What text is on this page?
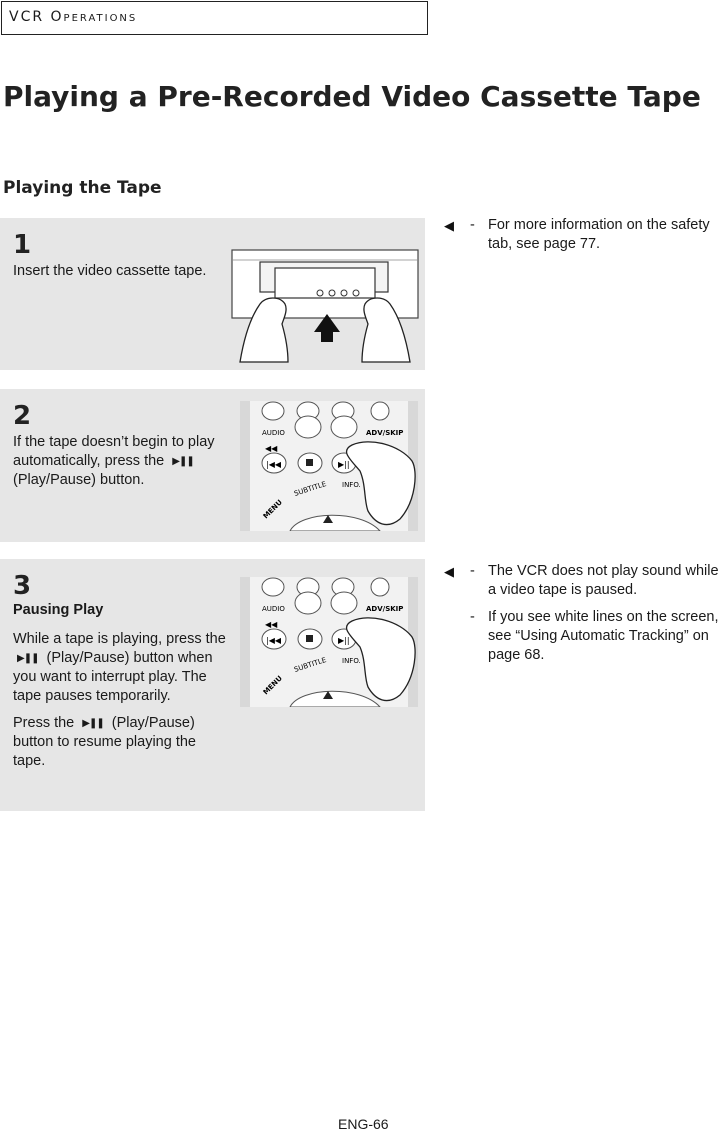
VCR Operations
Playing a Pre-Recorded Video Cassette Tape
Playing the Tape
1
Insert the video cassette tape.
2
If the tape doesn’t begin to play automatically, press the ▶❚❚ (Play/Pause) button.
AUDIO	ADV/SKIP
◀◀
|◀◀	▶||
SUBTITLE INFO.
MENU
3

Pausing Play

While a tape is playing, press the ▶❚❚ (Play/Pause) button when you want to interrupt play. The tape pauses temporarily.

Press the ▶❚❚ (Play/Pause) button to resume playing the tape.

AUDIO	ADV/SKIP
◀◀
|◀◀	▶||
SUBTITLE INFO.
MENU
◀	- For more information on the safety tab, see page 77.
◀	- The VCR does not play sound while a video tape is paused.
- If you see white lines on the screen, see “Using Automatic Tracking” on page 68.
ENG-66
